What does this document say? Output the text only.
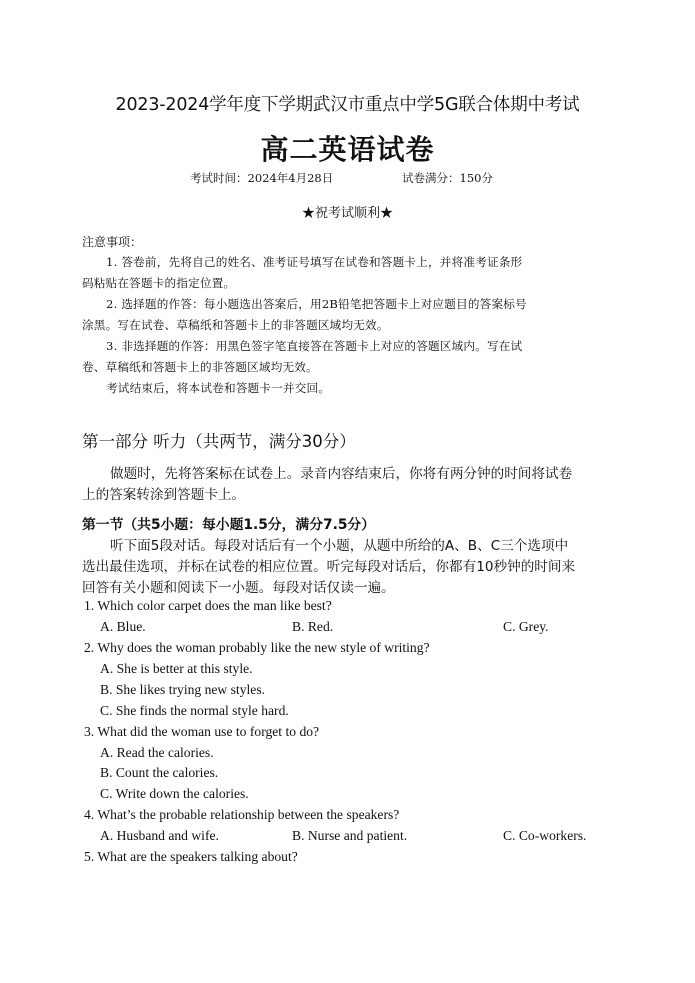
2023-2024学年度下学期武汉市重点中学5G联合体期中考试
高二英语试卷
考试时间：2024年4月28日	试卷满分：150分
★祝考试顺利★
注意事项：
1. 答卷前，先将自己的姓名、准考证号填写在试卷和答题卡上，并将准考证条形
码粘贴在答题卡的指定位置。
2. 选择题的作答：每小题选出答案后，用2B铅笔把答题卡上对应题目的答案标号
涂黑。写在试卷、草稿纸和答题卡上的非答题区域均无效。
3. 非选择题的作答：用黑色签字笔直接答在答题卡上对应的答题区域内。写在试
卷、草稿纸和答题卡上的非答题区域均无效。
考试结束后，将本试卷和答题卡一并交回。
第一部分 听力（共两节，满分30分）
做题时，先将答案标在试卷上。录音内容结束后，你将有两分钟的时间将试卷
上的答案转涂到答题卡上。
第一节（共5小题：每小题1.5分，满分7.5分）
听下面5段对话。每段对话后有一个小题，从题中所给的A、B、C三个选项中
选出最佳选项，并标在试卷的相应位置。听完每段对话后，你都有10秒钟的时间来
回答有关小题和阅读下一小题。每段对话仅读一遍。
1. Which color carpet does the man like best?
A. Blue.	B. Red.	C. Grey.
2. Why does the woman probably like the new style of writing?
A. She is better at this style.
B. She likes trying new styles.
C. She finds the normal style hard.
3. What did the woman use to forget to do?
A. Read the calories.
B. Count the calories.
C. Write down the calories.
4. What’s the probable relationship between the speakers?
A. Husband and wife.	B. Nurse and patient.	C. Co-workers.
5. What are the speakers talking about?
